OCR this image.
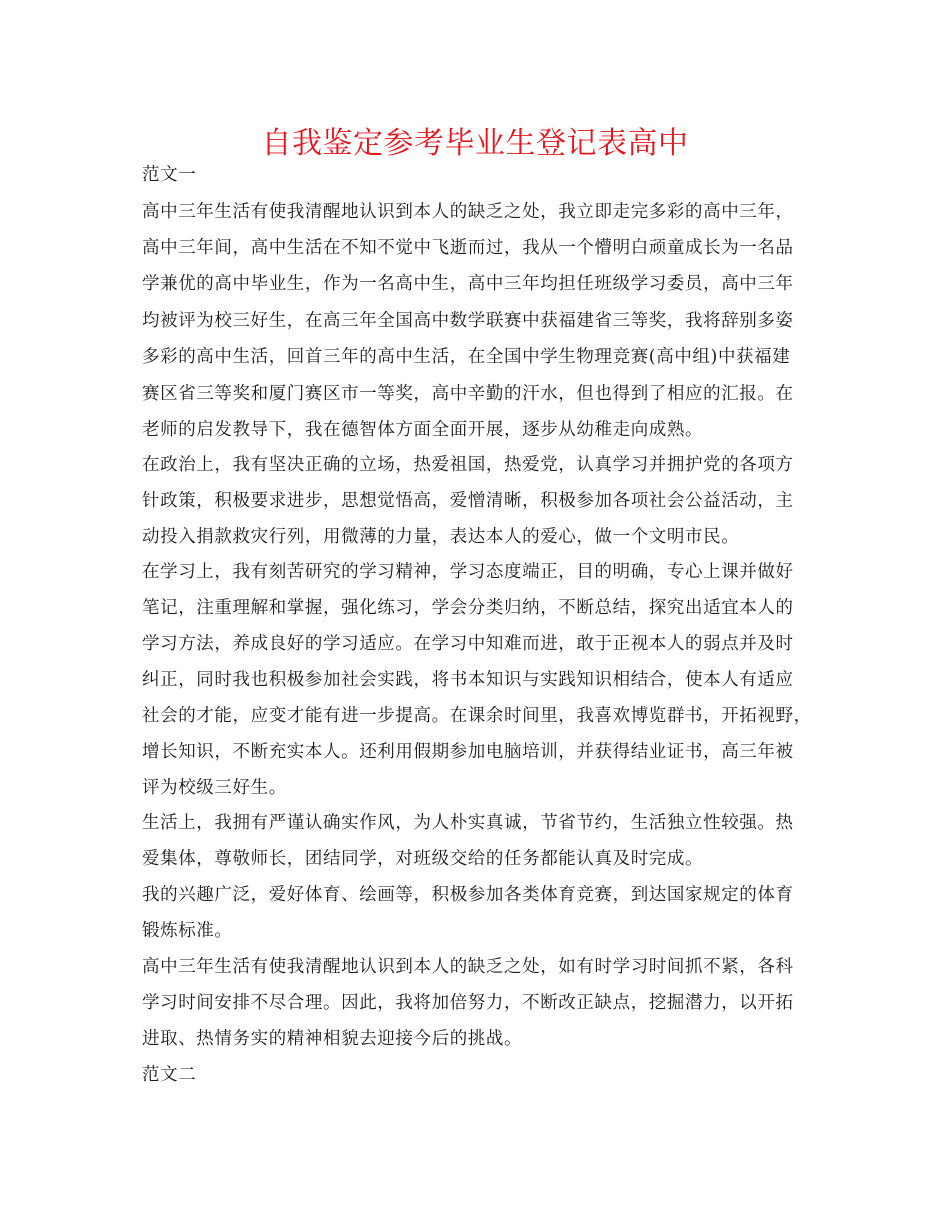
自我鉴定参考毕业生登记表高中
范文一
高中三年生活有使我清醒地认识到本人的缺乏之处，我立即走完多彩的高中三年，
高中三年间，高中生活在不知不觉中飞逝而过，我从一个懵明白顽童成长为一名品
学兼优的高中毕业生，作为一名高中生，高中三年均担任班级学习委员，高中三年
均被评为校三好生，在高三年全国高中数学联赛中获福建省三等奖，我将辞别多姿
多彩的高中生活，回首三年的高中生活，在全国中学生物理竞赛(高中组)中获福建
赛区省三等奖和厦门赛区市一等奖，高中辛勤的汗水，但也得到了相应的汇报。在
老师的启发教导下，我在德智体方面全面开展，逐步从幼稚走向成熟。
在政治上，我有坚决正确的立场，热爱祖国，热爱党，认真学习并拥护党的各项方
针政策，积极要求进步，思想觉悟高，爱憎清晰，积极参加各项社会公益活动，主
动投入捐款救灾行列，用微薄的力量，表达本人的爱心，做一个文明市民。
在学习上，我有刻苦研究的学习精神，学习态度端正，目的明确，专心上课并做好
笔记，注重理解和掌握，强化练习，学会分类归纳，不断总结，探究出适宜本人的
学习方法，养成良好的学习适应。在学习中知难而进，敢于正视本人的弱点并及时
纠正，同时我也积极参加社会实践，将书本知识与实践知识相结合，使本人有适应
社会的才能，应变才能有进一步提高。在课余时间里，我喜欢博览群书，开拓视野，
增长知识，不断充实本人。还利用假期参加电脑培训，并获得结业证书，高三年被
评为校级三好生。
生活上，我拥有严谨认确实作风，为人朴实真诚，节省节约，生活独立性较强。热
爱集体，尊敬师长，团结同学，对班级交给的任务都能认真及时完成。
我的兴趣广泛，爱好体育、绘画等，积极参加各类体育竞赛，到达国家规定的体育
锻炼标准。
高中三年生活有使我清醒地认识到本人的缺乏之处，如有时学习时间抓不紧，各科
学习时间安排不尽合理。因此，我将加倍努力，不断改正缺点，挖掘潜力，以开拓
进取、热情务实的精神相貌去迎接今后的挑战。
范文二
